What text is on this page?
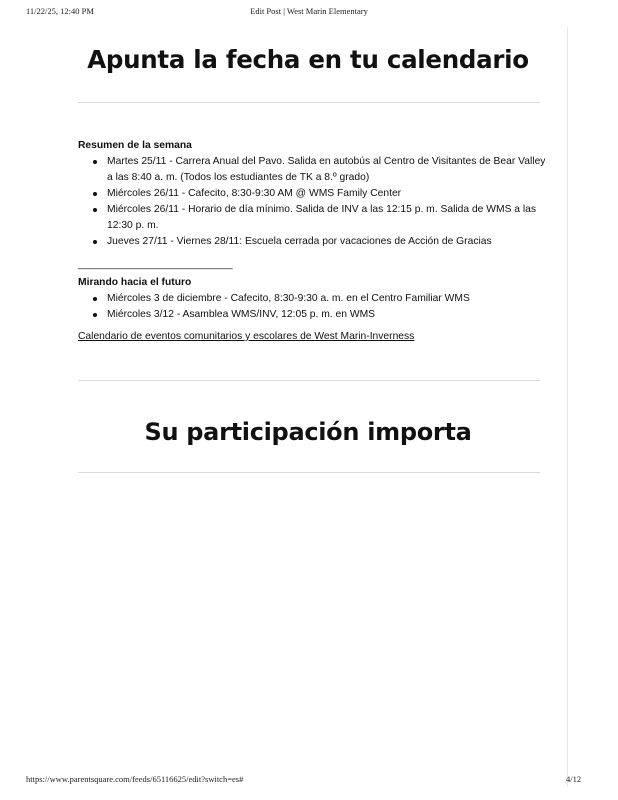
11/22/25, 12:40 PM	Edit Post | West Marin Elementary
Apunta la fecha en tu calendario

Resumen de la semana

Martes 25/11 - Carrera Anual del Pavo. Salida en autobús al Centro de Visitantes de Bear Valley a las 8:40 a. m. (Todos los estudiantes de TK a 8.º grado)
Miércoles 26/11 - Cafecito, 8:30-9:30 AM @ WMS Family Center
Miércoles 26/11 - Horario de día mínimo. Salida de INV a las 12:15 p. m. Salida de WMS a las 12:30 p. m.
Jueves 27/11 - Viernes 28/11: Escuela cerrada por vacaciones de Acción de Gracias
___________________________

Mirando hacia el futuro

Miércoles 3 de diciembre - Cafecito, 8:30-9:30 a. m. en el Centro Familiar WMS
Miércoles 3/12 - Asamblea WMS/INV, 12:05 p. m. en WMS
Calendario de eventos comunitarios y escolares de West Marin-Inverness
Su participación importa
https://www.parentsquare.com/feeds/65116625/edit?switch=es#	4/12
